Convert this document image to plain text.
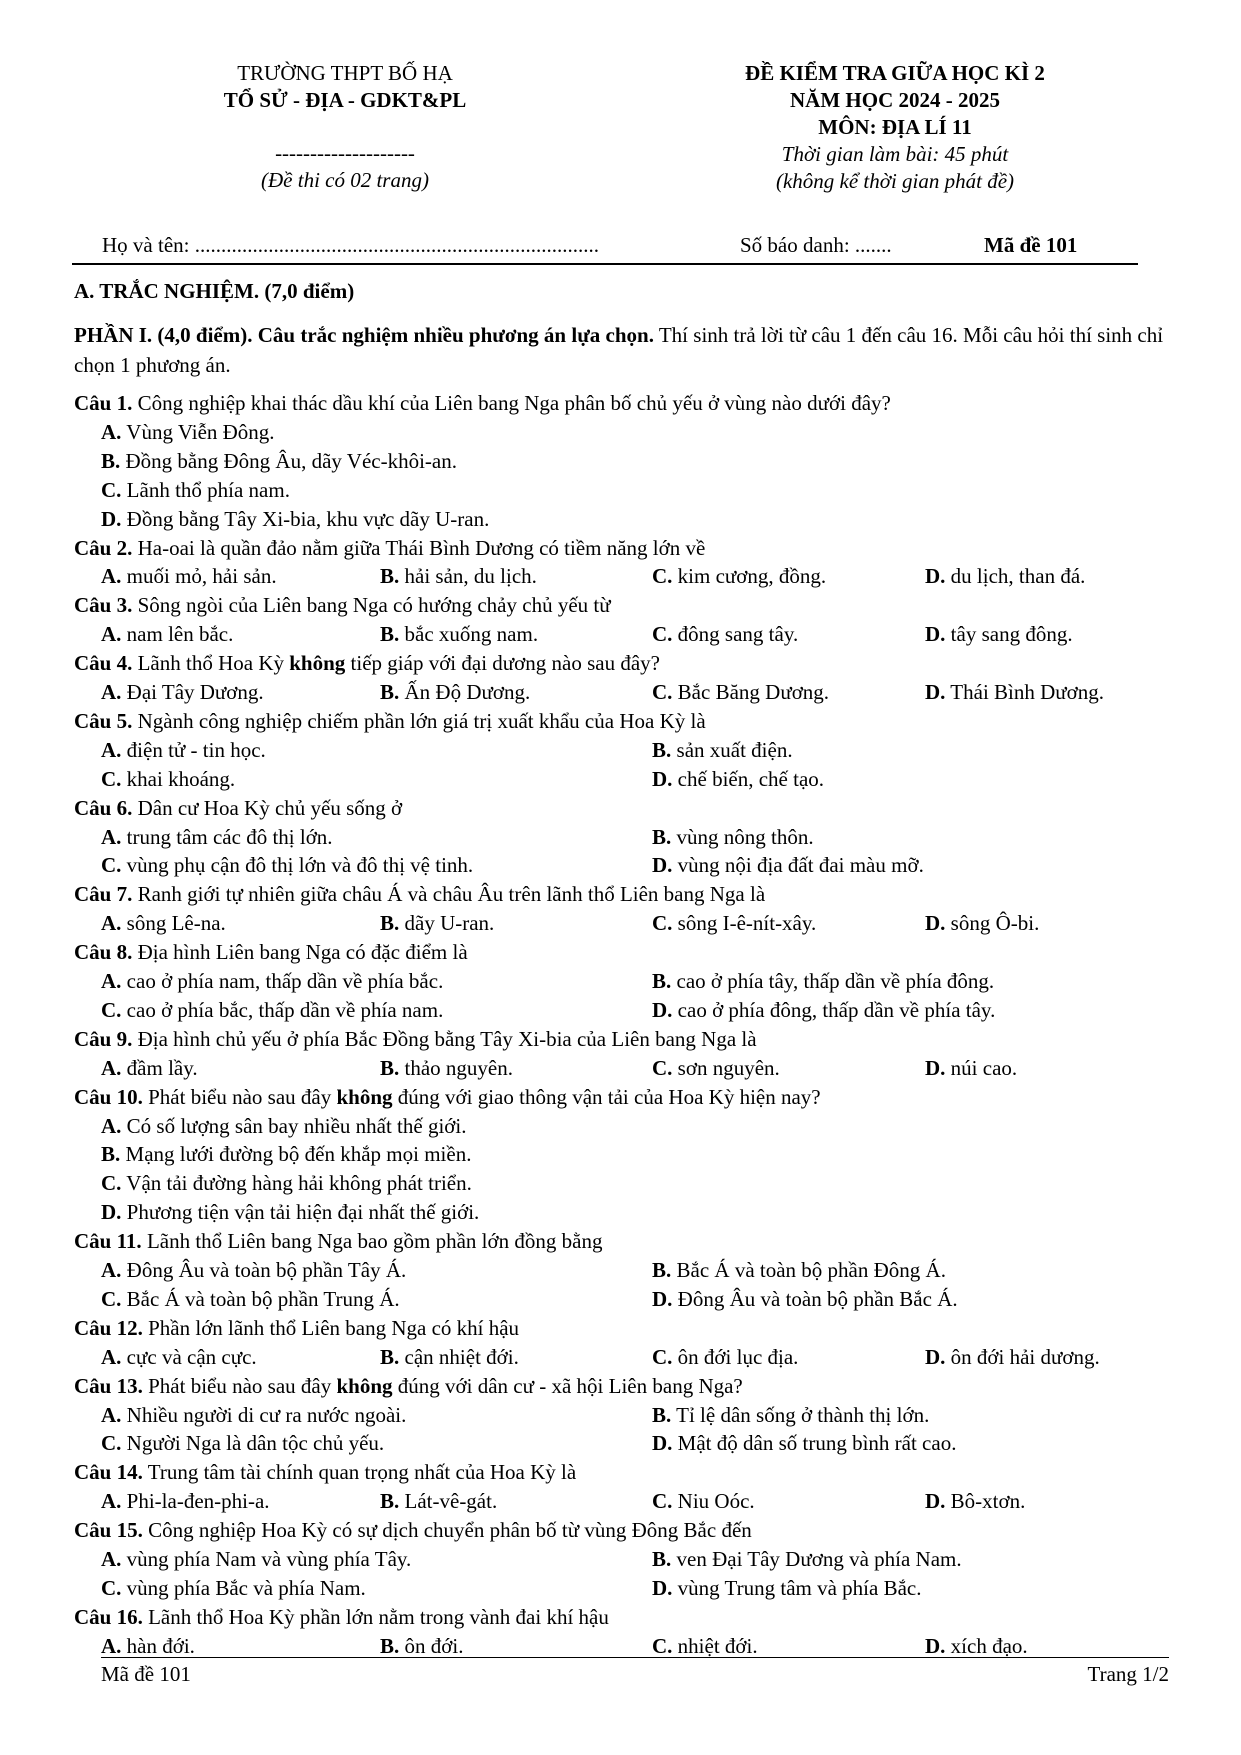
TRƯỜNG THPT BỐ HẠ
TỔ SỬ - ĐỊA - GDKT&PL
--------------------
(Đề thi có 02 trang)
ĐỀ KIỂM TRA GIỮA HỌC KÌ 2
NĂM HỌC 2024 - 2025
MÔN: ĐỊA LÍ 11
Thời gian làm bài: 45 phút
(không kể thời gian phát đề)
Họ và tên: .............................................................................	Số báo danh: .......	Mã đề 101
A. TRẮC NGHIỆM. (7,0 điểm)
PHẦN I. (4,0 điểm). Câu trắc nghiệm nhiều phương án lựa chọn. Thí sinh trả lời từ câu 1 đến câu 16. Mỗi câu hỏi thí sinh chỉ chọn 1 phương án.
Câu 1. Công nghiệp khai thác dầu khí của Liên bang Nga phân bố chủ yếu ở vùng nào dưới đây?
A. Vùng Viễn Đông.
B. Đồng bằng Đông Âu, dãy Véc-khôi-an.
C. Lãnh thổ phía nam.
D. Đồng bằng Tây Xi-bia, khu vực dãy U-ran.
Câu 2. Ha-oai là quần đảo nằm giữa Thái Bình Dương có tiềm năng lớn về
A. muối mỏ, hải sản.	B. hải sản, du lịch.	C. kim cương, đồng.	D. du lịch, than đá.
Câu 3. Sông ngòi của Liên bang Nga có hướng chảy chủ yếu từ
A. nam lên bắc.	B. bắc xuống nam.	C. đông sang tây.	D. tây sang đông.
Câu 4. Lãnh thổ Hoa Kỳ không tiếp giáp với đại dương nào sau đây?
A. Đại Tây Dương.	B. Ấn Độ Dương.	C. Bắc Băng Dương.	D. Thái Bình Dương.
Câu 5. Ngành công nghiệp chiếm phần lớn giá trị xuất khẩu của Hoa Kỳ là
A. điện tử - tin học.	B. sản xuất điện.
C. khai khoáng.	D. chế biến, chế tạo.
Câu 6. Dân cư Hoa Kỳ chủ yếu sống ở
A. trung tâm các đô thị lớn.	B. vùng nông thôn.
C. vùng phụ cận đô thị lớn và đô thị vệ tinh.	D. vùng nội địa đất đai màu mỡ.
Câu 7. Ranh giới tự nhiên giữa châu Á và châu Âu trên lãnh thổ Liên bang Nga là
A. sông Lê-na.	B. dãy U-ran.	C. sông I-ê-nít-xây.	D. sông Ô-bi.
Câu 8. Địa hình Liên bang Nga có đặc điểm là
A. cao ở phía nam, thấp dần về phía bắc.	B. cao ở phía tây, thấp dần về phía đông.
C. cao ở phía bắc, thấp dần về phía nam.	D. cao ở phía đông, thấp dần về phía tây.
Câu 9. Địa hình chủ yếu ở phía Bắc Đồng bằng Tây Xi-bia của Liên bang Nga là
A. đầm lầy.	B. thảo nguyên.	C. sơn nguyên.	D. núi cao.
Câu 10. Phát biểu nào sau đây không đúng với giao thông vận tải của Hoa Kỳ hiện nay?
A. Có số lượng sân bay nhiều nhất thế giới.
B. Mạng lưới đường bộ đến khắp mọi miền.
C. Vận tải đường hàng hải không phát triển.
D. Phương tiện vận tải hiện đại nhất thế giới.
Câu 11. Lãnh thổ Liên bang Nga bao gồm phần lớn đồng bằng
A. Đông Âu và toàn bộ phần Tây Á.	B. Bắc Á và toàn bộ phần Đông Á.
C. Bắc Á và toàn bộ phần Trung Á.	D. Đông Âu và toàn bộ phần Bắc Á.
Câu 12. Phần lớn lãnh thổ Liên bang Nga có khí hậu
A. cực và cận cực.	B. cận nhiệt đới.	C. ôn đới lục địa.	D. ôn đới hải dương.
Câu 13. Phát biểu nào sau đây không đúng với dân cư - xã hội Liên bang Nga?
A. Nhiều người di cư ra nước ngoài.	B. Tỉ lệ dân sống ở thành thị lớn.
C. Người Nga là dân tộc chủ yếu.	D. Mật độ dân số trung bình rất cao.
Câu 14. Trung tâm tài chính quan trọng nhất của Hoa Kỳ là
A. Phi-la-đen-phi-a.	B. Lát-vê-gát.	C. Niu Oóc.	D. Bô-xtơn.
Câu 15. Công nghiệp Hoa Kỳ có sự dịch chuyển phân bố từ vùng Đông Bắc đến
A. vùng phía Nam và vùng phía Tây.	B. ven Đại Tây Dương và phía Nam.
C. vùng phía Bắc và phía Nam.	D. vùng Trung tâm và phía Bắc.
Câu 16. Lãnh thổ Hoa Kỳ phần lớn nằm trong vành đai khí hậu
A. hàn đới.	B. ôn đới.	C. nhiệt đới.	D. xích đạo.
Mã đề 101	Trang 1/2
